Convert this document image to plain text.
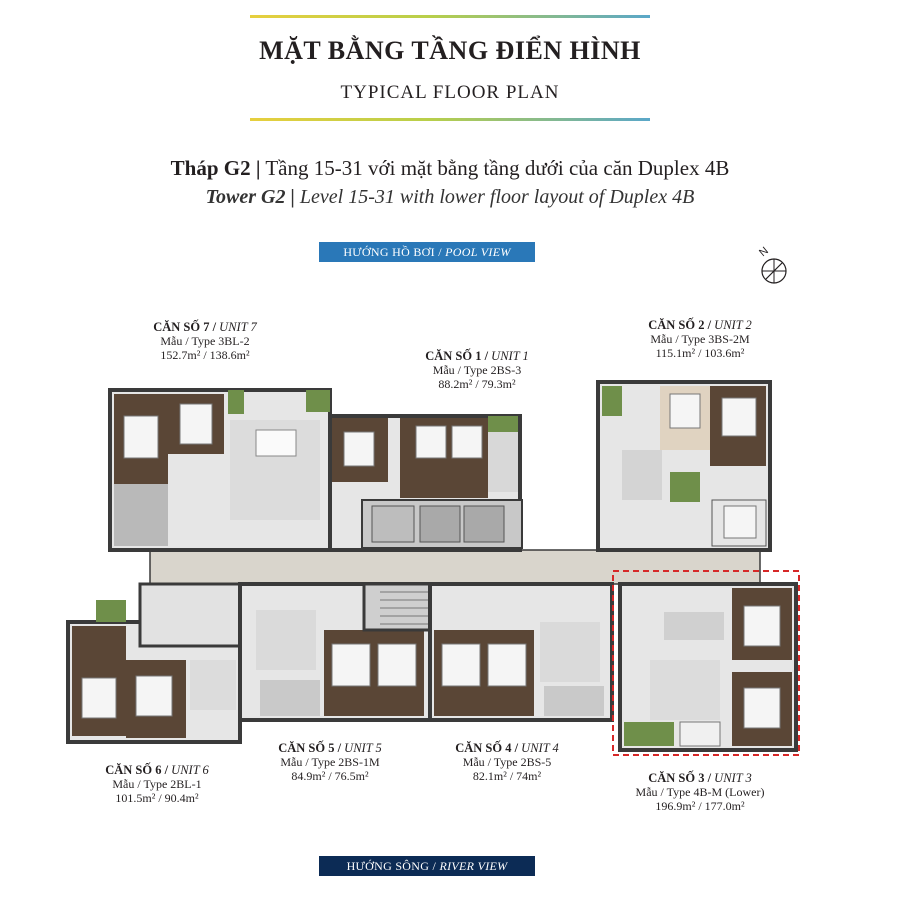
MẶT BẰNG TẦNG ĐIỂN HÌNH
TYPICAL FLOOR PLAN
Tháp G2 | Tầng 15-31 với mặt bằng tầng dưới của căn Duplex 4B
Tower G2 | Level 15-31 with lower floor layout of Duplex 4B
HƯỚNG HỒ BƠI / POOL VIEW	N
CĂN SỐ 7 / UNIT 7
Mẫu / Type 3BL-2
152.7m² / 138.6m²	CĂN SỐ 1 / UNIT 1
Mẫu / Type 2BS-3
88.2m² / 79.3m²
CĂN SỐ 2 / UNIT 2
Mẫu / Type 3BS-2M
115.1m² / 103.6m²
CĂN SỐ 6 / UNIT 6
Mẫu / Type 2BL-1
101.5m² / 90.4m²
CĂN SỐ 5 / UNIT 5
Mẫu / Type 2BS-1M
84.9m² / 76.5m²
CĂN SỐ 4 / UNIT 4
Mẫu / Type 2BS-5
82.1m² / 74m²	CĂN SỐ 3 / UNIT 3
Mẫu / Type 4B-M (Lower)
196.9m² / 177.0m²
HƯỚNG SÔNG / RIVER VIEW
